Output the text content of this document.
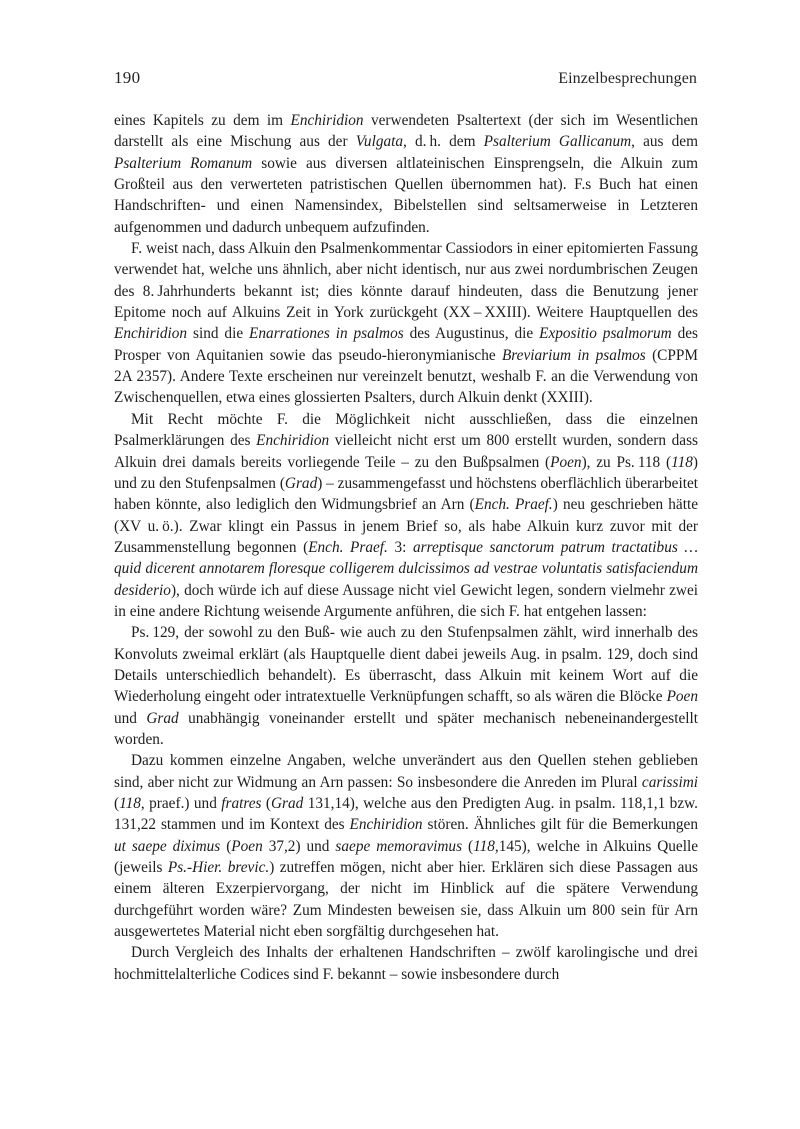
190	Einzelbesprechungen

eines Kapitels zu dem im Enchiridion verwendeten Psaltertext (der sich im Wesentlichen darstellt als eine Mischung aus der Vulgata, d. h. dem Psalterium Gallicanum, aus dem Psalterium Romanum sowie aus diversen altlateinischen Einsprengseln, die Alkuin zum Großteil aus den verwerteten patristischen Quellen übernommen hat). F.s Buch hat einen Handschriften- und einen Namensindex, Bibelstellen sind seltsamerweise in Letzteren aufgenommen und dadurch unbequem aufzufinden.

F. weist nach, dass Alkuin den Psalmenkommentar Cassiodors in einer epitomierten Fassung verwendet hat, welche uns ähnlich, aber nicht identisch, nur aus zwei nordumbrischen Zeugen des 8. Jahrhunderts bekannt ist; dies könnte darauf hindeuten, dass die Benutzung jener Epitome noch auf Alkuins Zeit in York zurückgeht (XX – XXIII). Weitere Hauptquellen des Enchiridion sind die Enarrationes in psalmos des Augustinus, die Expositio psalmorum des Prosper von Aquitanien sowie das pseudo-hieronymianische Breviarium in psalmos (CPPM 2A 2357). Andere Texte erscheinen nur vereinzelt benutzt, weshalb F. an die Verwendung von Zwischenquellen, etwa eines glossierten Psalters, durch Alkuin denkt (XXIII).

Mit Recht möchte F. die Möglichkeit nicht ausschließen, dass die einzelnen Psalmerklärungen des Enchiridion vielleicht nicht erst um 800 erstellt wurden, sondern dass Alkuin drei damals bereits vorliegende Teile – zu den Bußpsalmen (Poen), zu Ps. 118 (118) und zu den Stufenpsalmen (Grad) – zusammengefasst und höchstens oberflächlich überarbeitet haben könnte, also lediglich den Widmungsbrief an Arn (Ench. Praef.) neu geschrieben hätte (XV u. ö.). Zwar klingt ein Passus in jenem Brief so, als habe Alkuin kurz zuvor mit der Zusammenstellung begonnen (Ench. Praef. 3: arreptisque sanctorum patrum tractatibus … quid dicerent annotarem floresque colligerem dulcissimos ad vestrae voluntatis satisfaciendum desiderio), doch würde ich auf diese Aussage nicht viel Gewicht legen, sondern vielmehr zwei in eine andere Richtung weisende Argumente anführen, die sich F. hat entgehen lassen:

Ps. 129, der sowohl zu den Buß- wie auch zu den Stufenpsalmen zählt, wird innerhalb des Konvoluts zweimal erklärt (als Hauptquelle dient dabei jeweils Aug. in psalm. 129, doch sind Details unterschiedlich behandelt). Es überrascht, dass Alkuin mit keinem Wort auf die Wiederholung eingeht oder intratextuelle Verknüpfungen schafft, so als wären die Blöcke Poen und Grad unabhängig voneinander erstellt und später mechanisch nebeneinandergestellt worden.

Dazu kommen einzelne Angaben, welche unverändert aus den Quellen stehen geblieben sind, aber nicht zur Widmung an Arn passen: So insbesondere die Anreden im Plural carissimi (118, praef.) und fratres (Grad 131,14), welche aus den Predigten Aug. in psalm. 118,1,1 bzw. 131,22 stammen und im Kontext des Enchiridion stören. Ähnliches gilt für die Bemerkungen ut saepe diximus (Poen 37,2) und saepe memoravimus (118,145), welche in Alkuins Quelle (jeweils Ps.-Hier. brevic.) zutreffen mögen, nicht aber hier. Erklären sich diese Passagen aus einem älteren Exzerpiervorgang, der nicht im Hinblick auf die spätere Verwendung durchgeführt worden wäre? Zum Mindesten beweisen sie, dass Alkuin um 800 sein für Arn ausgewertetes Material nicht eben sorgfältig durchgesehen hat.

Durch Vergleich des Inhalts der erhaltenen Handschriften – zwölf karolingische und drei hochmittelalterliche Codices sind F. bekannt – sowie insbesondere durch
